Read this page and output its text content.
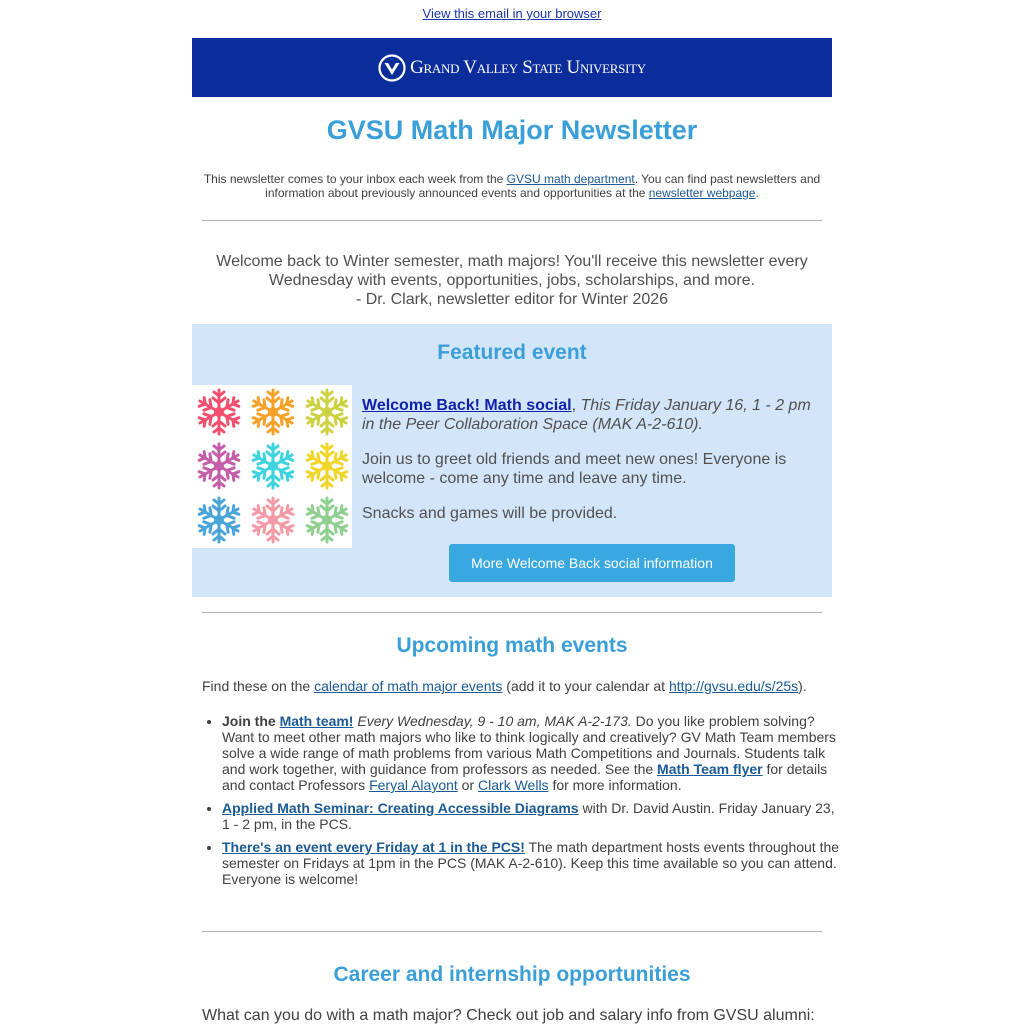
View this email in your browser
Grand Valley State University
GVSU Math Major Newsletter
This newsletter comes to your inbox each week from the GVSU math department. You can find past newsletters and information about previously announced events and opportunities at the newsletter webpage.
Welcome back to Winter semester, math majors! You'll receive this newsletter every Wednesday with events, opportunities, jobs, scholarships, and more.
- Dr. Clark, newsletter editor for Winter 2026
Featured event

Welcome Back! Math social, This Friday January 16, 1 - 2 pm in the Peer Collaboration Space (MAK A-2-610).

Join us to greet old friends and meet new ones! Everyone is welcome - come any time and leave any time.

Snacks and games will be provided.

More Welcome Back social information
Upcoming math events
Find these on the calendar of math major events (add it to your calendar at http://gvsu.edu/s/25s).
• Join the Math team! Every Wednesday, 9 - 10 am, MAK A-2-173. Do you like problem solving? Want to meet other math majors who like to think logically and creatively? GV Math Team members solve a wide range of math problems from various Math Competitions and Journals. Students talk and work together, with guidance from professors as needed. See the Math Team flyer for details and contact Professors Feryal Alayont or Clark Wells for more information.
• Applied Math Seminar: Creating Accessible Diagrams with Dr. David Austin. Friday January 23, 1 - 2 pm, in the PCS.
• There's an event every Friday at 1 in the PCS! The math department hosts events throughout the semester on Fridays at 1pm in the PCS (MAK A-2-610). Keep this time available so you can attend. Everyone is welcome!
Career and internship opportunities
What can you do with a math major? Check out job and salary info from GVSU alumni:
